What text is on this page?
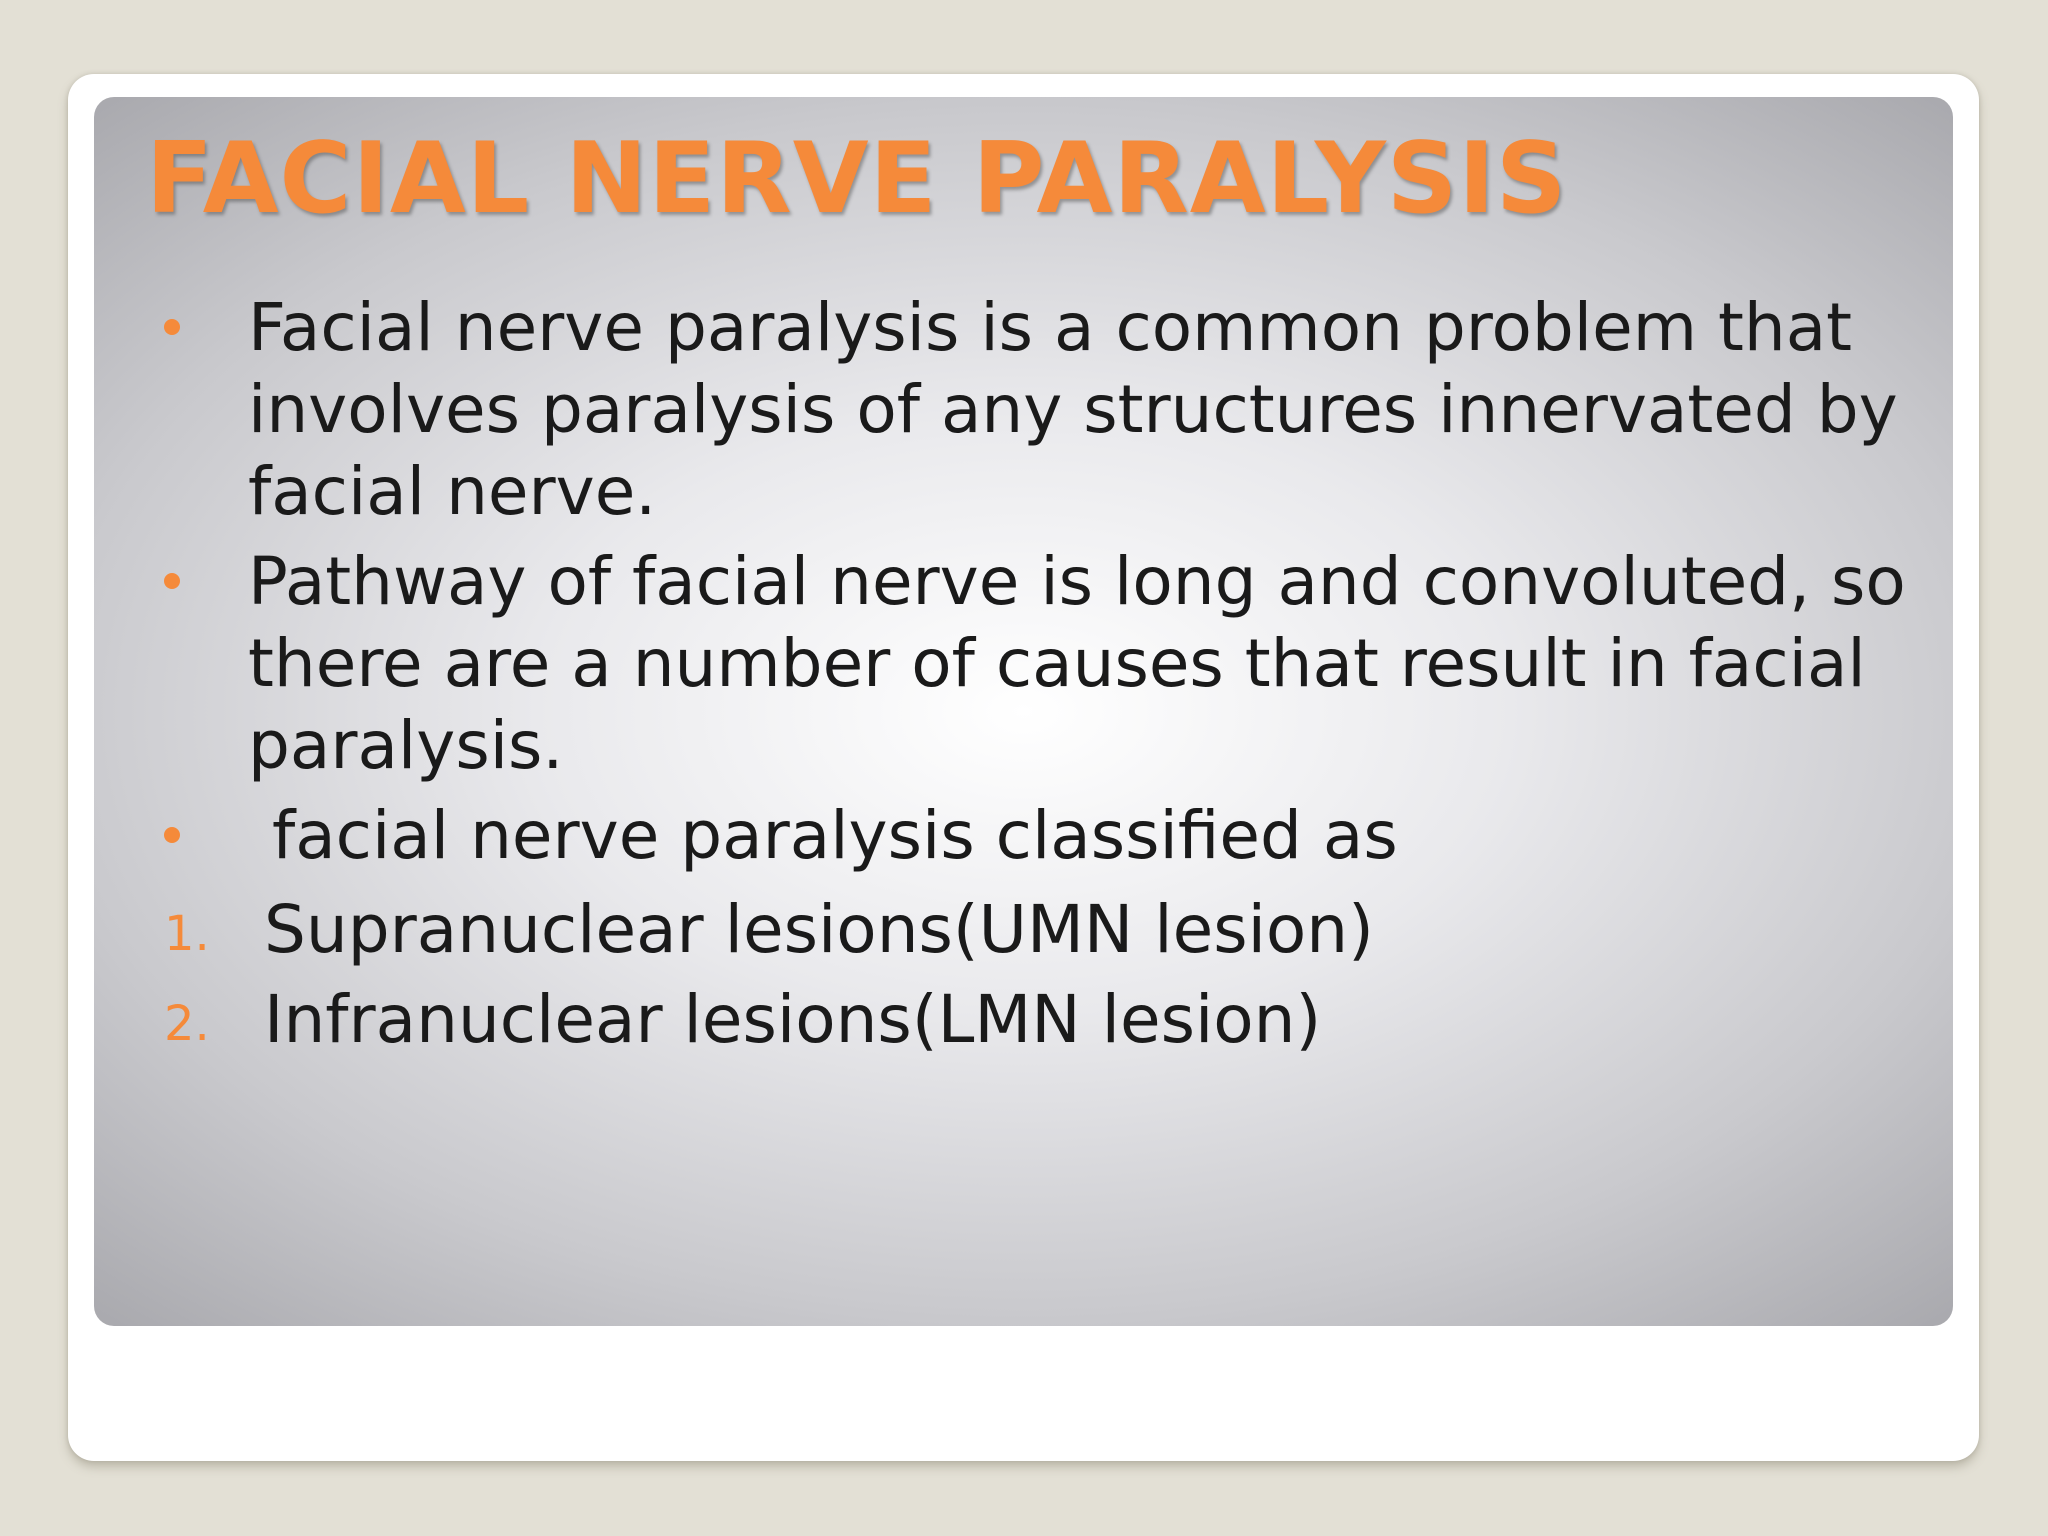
FACIAL NERVE PARALYSIS
Facial nerve paralysis is a common problem that involves paralysis of any structures innervated by facial nerve.
Pathway of facial nerve is long and convoluted, so there are a number of causes that result in facial paralysis.
facial nerve paralysis classified as
1. Supranuclear lesions(UMN lesion)
2. Infranuclear lesions(LMN lesion)
